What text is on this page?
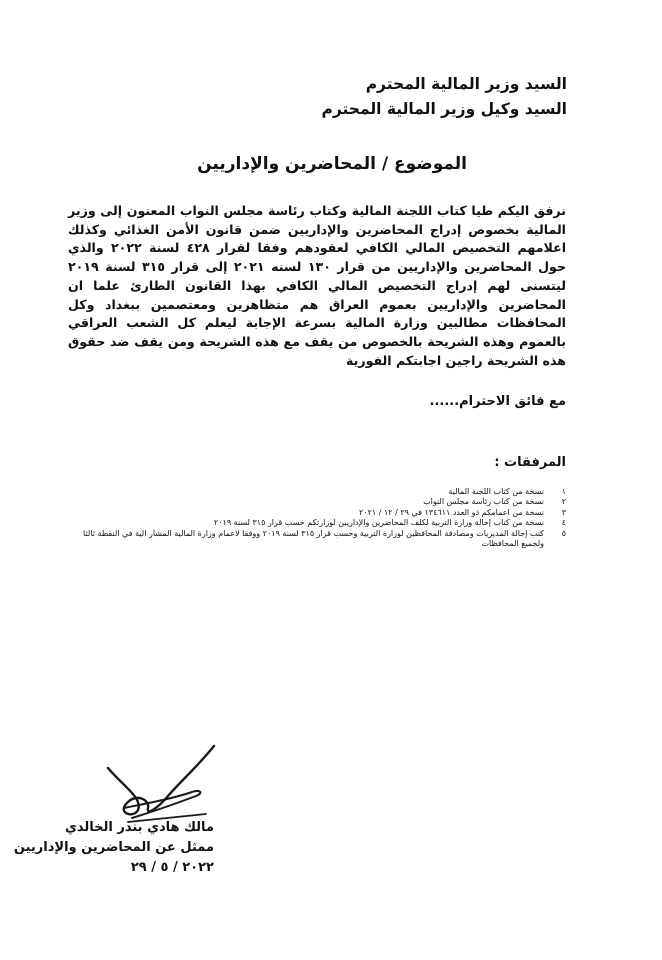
السيد وزير المالية المحترم
السيد وكيل وزير المالية المحترم
الموضوع / المحاضرين والإداريين

نرفق اليكم طيا كتاب اللجنة المالية وكتاب رئاسة مجلس النواب المعنون إلى وزير المالية بخصوص إدراج المحاضرين والإداريين ضمن قانون الأمن الغذائي وكذلك اعلامهم التخصيص المالي الكافي لعقودهم وفقا لقرار ٤٢٨ لسنة ٢٠٢٢ والذي حول المحاضرين والإداريين من قرار ١٣٠ لسنه ٢٠٢١ إلى قرار ٣١٥ لسنة ٢٠١٩ ليتسنى لهم إدراج التخصيص المالي الكافي بهذا القانون الطارئ علما ان المحاضرين والإداريين بعموم العراق هم متظاهرين ومعتصمين ببغداد وكل المحافظات مطالبين وزارة المالية بسرعة الإجابة ليعلم كل الشعب العراقي بالعموم وهذه الشريحة بالخصوص من يقف مع هذه الشريحة ومن يقف ضد حقوق هذه الشريحة راجين اجابتكم الفورية

مع فائق الاحترام......
المرفقات :
١
نسخة من كتاب اللجنة المالية
٢
نسخة من كتاب رئاسة مجلس النواب
٣
نسخة من اعمامكم ذو العدد ١٣٤٦١١ في ٢٩ / ١٢ / ٢٠٢١
٤
نسخة من كتاب إحالة وزارة التربية لكلف المحاضرين والإداريين لوزارتكم حسب قرار ٣١٥ لسنة ٢٠١٩
٥
كتب إحالة المديريات ومصادقة المحافظين لوزارة التربية وحسب قرار ٣١٥ لسنة ٢٠١٩ ووفقا لاعمام وزارة المالية المشار الية في النقطة ثالثا ولجميع المحافظات
مالك هادي بندر الخالدي
ممثل عن المحاضرين والإداريين
٢٠٢٢ / ٥ / ٢٩
